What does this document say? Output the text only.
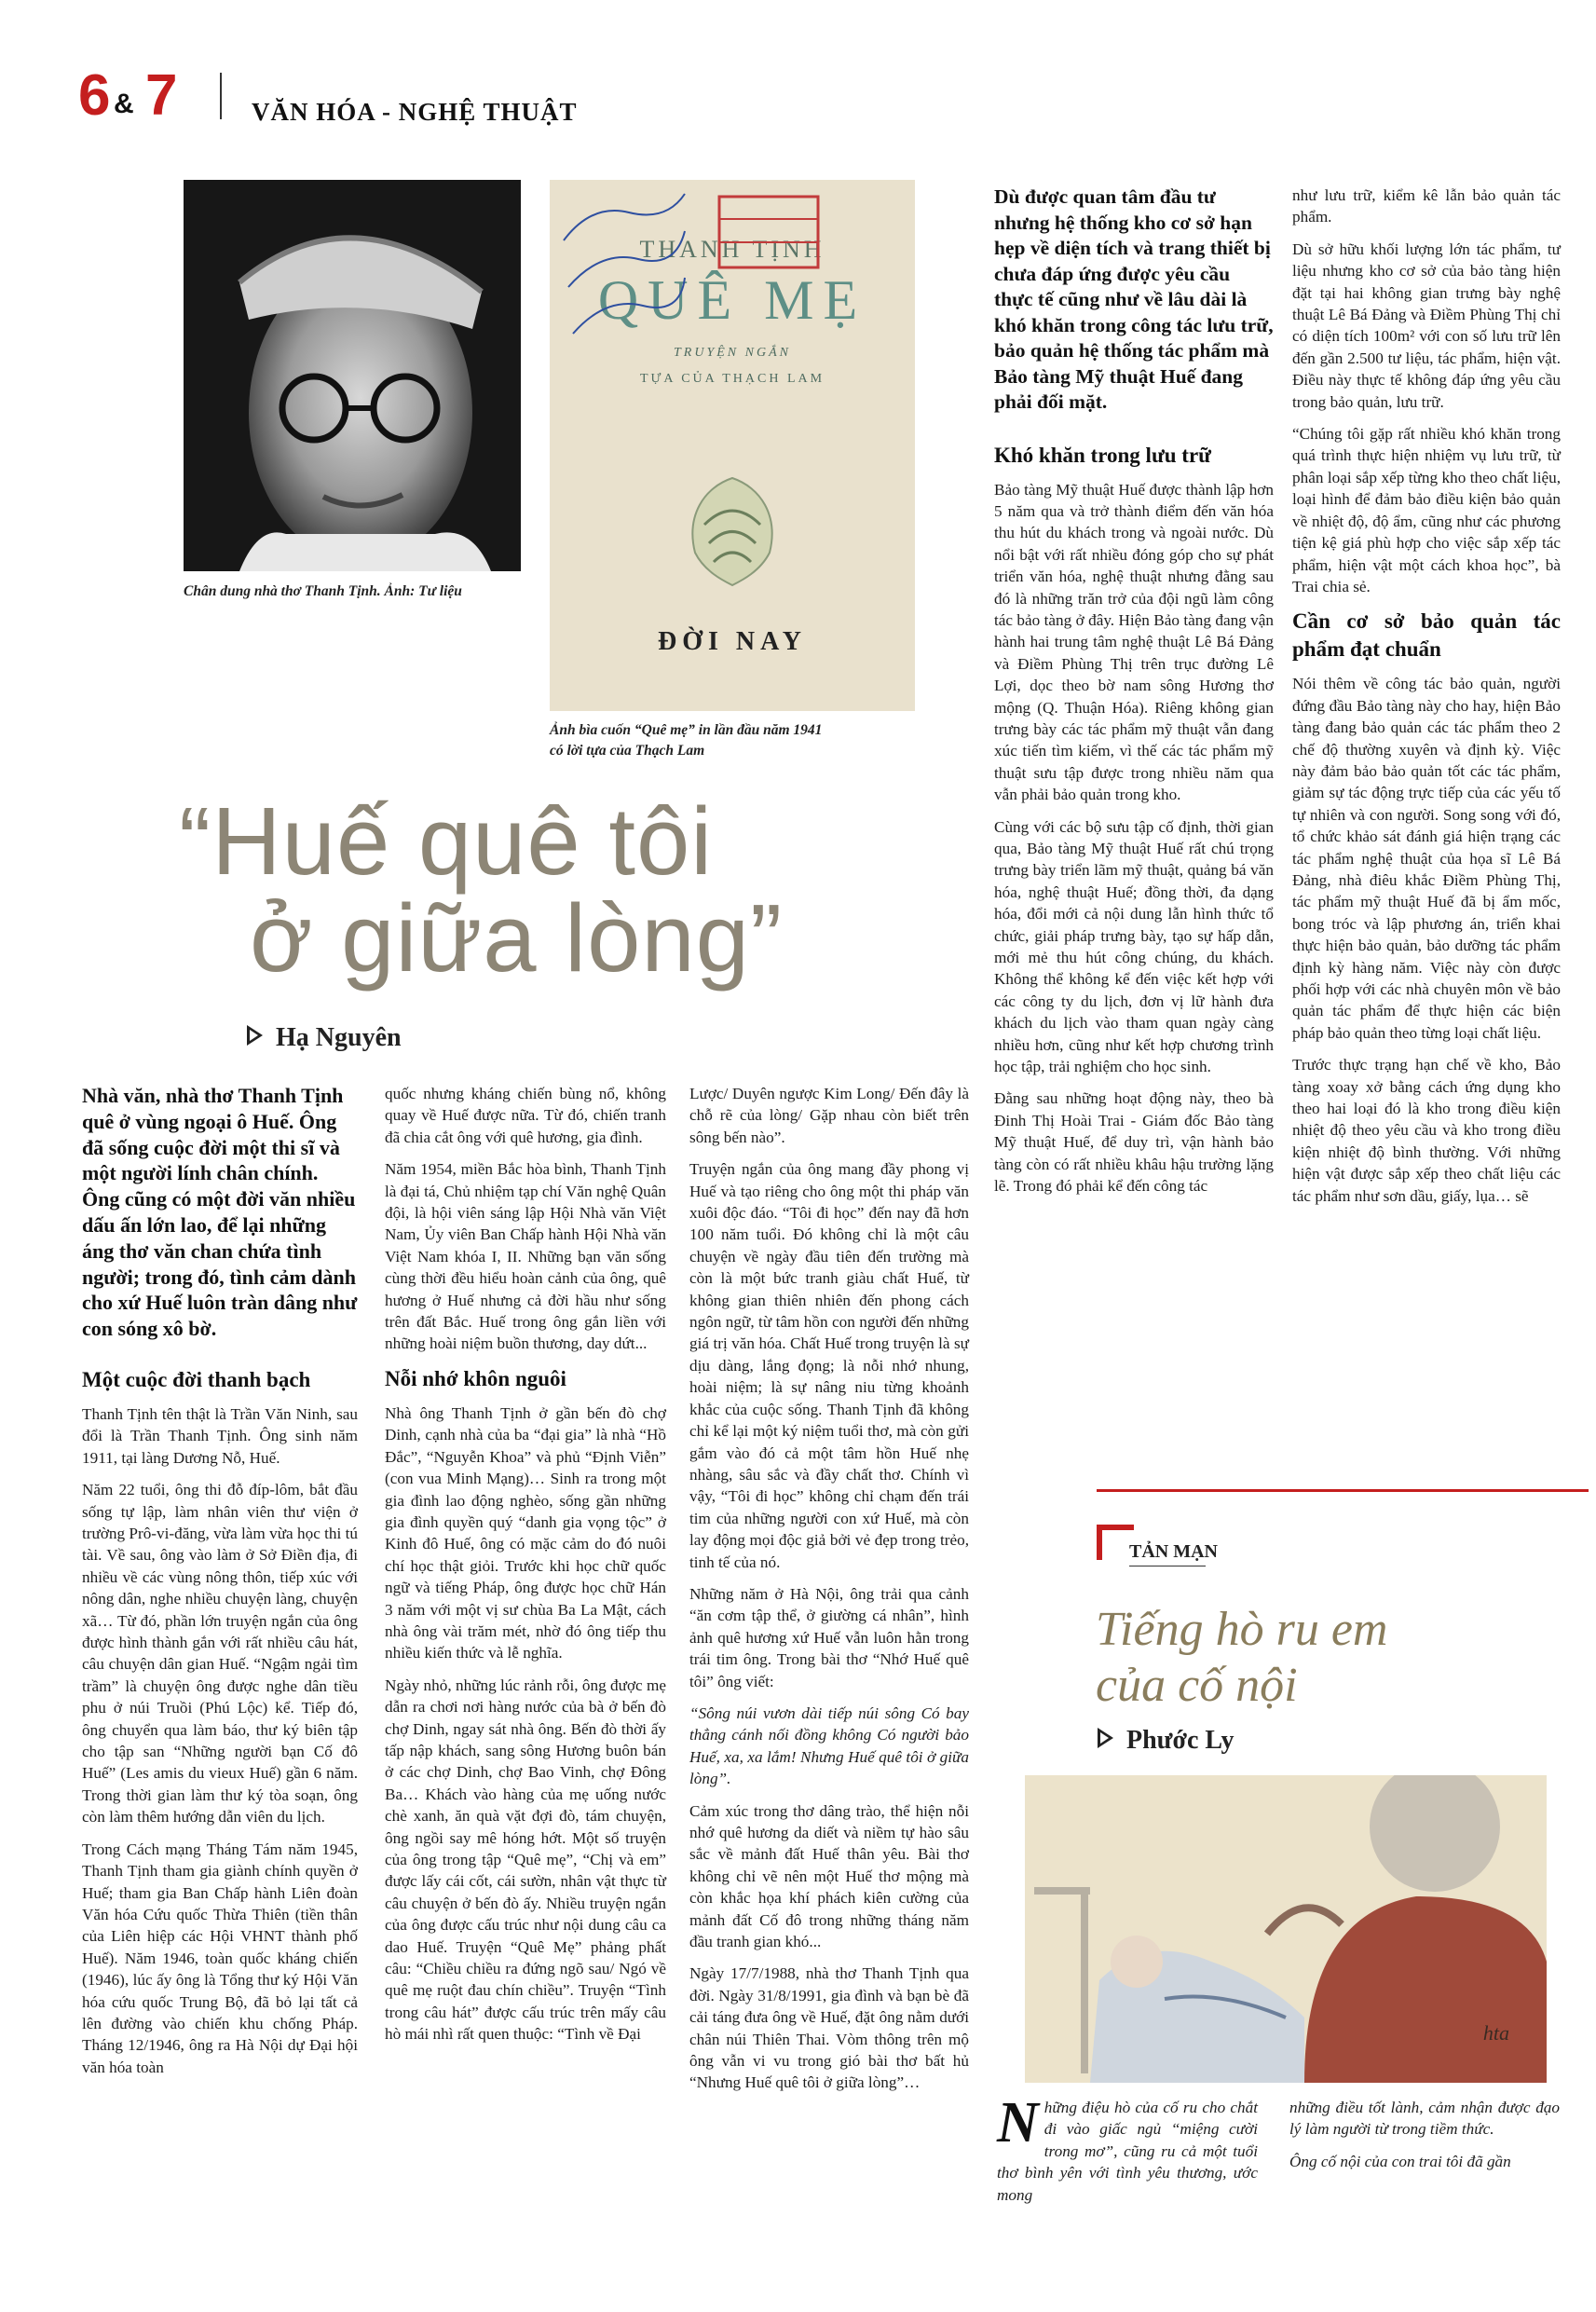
6 & 7	VĂN HÓA - NGHỆ THUẬT
Chân dung nhà thơ Thanh Tịnh. Ảnh: Tư liệu
THANH TỊNH
QUÊ MẸ
TRUYỆN NGẮN
TỰA CỦA THẠCH LAM
ĐỜI NAY
Ảnh bìa cuốn “Quê mẹ” in lần đầu năm 1941
có lời tựa của Thạch Lam
“Huế quê tôi
ở giữa lòng”
Hạ Nguyên
Nhà văn, nhà thơ Thanh Tịnh quê ở vùng ngoại ô Huế. Ông đã sống cuộc đời một thi sĩ và một người lính chân chính. Ông cũng có một đời văn nhiều dấu ấn lớn lao, để lại những áng thơ văn chan chứa tình người; trong đó, tình cảm dành cho xứ Huế luôn tràn dâng như con sóng xô bờ.
Một cuộc đời thanh bạch

Thanh Tịnh tên thật là Trần Văn Ninh, sau đổi là Trần Thanh Tịnh. Ông sinh năm 1911, tại làng Dương Nỗ, Huế.

Năm 22 tuổi, ông thi đỗ đíp-lôm, bắt đầu sống tự lập, làm nhân viên thư viện ở trường Prô-vi-đăng, vừa làm vừa học thi tú tài. Về sau, ông vào làm ở Sở Điền địa, đi nhiều về các vùng nông thôn, tiếp xúc với nông dân, nghe nhiều chuyện làng, chuyện xã… Từ đó, phần lớn truyện ngắn của ông được hình thành gắn với rất nhiều câu hát, câu chuyện dân gian Huế. “Ngậm ngải tìm trầm” là chuyện ông được nghe dân tiều phu ở núi Truồi (Phú Lộc) kể. Tiếp đó, ông chuyển qua làm báo, thư ký biên tập cho tập san “Những người bạn Cố đô Huế” (Les amis du vieux Huế) gần 6 năm. Trong thời gian làm thư ký tòa soạn, ông còn làm thêm hướng dẫn viên du lịch.

Trong Cách mạng Tháng Tám năm 1945, Thanh Tịnh tham gia giành chính quyền ở Huế; tham gia Ban Chấp hành Liên đoàn Văn hóa Cứu quốc Thừa Thiên (tiền thân của Liên hiệp các Hội VHNT thành phố Huế). Năm 1946, toàn quốc kháng chiến (1946), lúc ấy ông là Tổng thư ký Hội Văn hóa cứu quốc Trung Bộ, đã bỏ lại tất cả lên đường vào chiến khu chống Pháp. Tháng 12/1946, ông ra Hà Nội dự Đại hội văn hóa toàn

quốc nhưng kháng chiến bùng nổ, không quay về Huế được nữa. Từ đó, chiến tranh đã chia cắt ông với quê hương, gia đình.

Năm 1954, miền Bắc hòa bình, Thanh Tịnh là đại tá, Chủ nhiệm tạp chí Văn nghệ Quân đội, là hội viên sáng lập Hội Nhà văn Việt Nam, Ủy viên Ban Chấp hành Hội Nhà văn Việt Nam khóa I, II. Những bạn văn sống cùng thời đều hiểu hoàn cảnh của ông, quê hương ở Huế nhưng cả đời hầu như sống trên đất Bắc. Huế trong ông gắn liền với những hoài niệm buồn thương, day dứt...

Nỗi nhớ khôn nguôi

Nhà ông Thanh Tịnh ở gần bến đò chợ Dinh, cạnh nhà của ba “đại gia” là nhà “Hồ Đắc”, “Nguyễn Khoa” và phủ “Định Viễn” (con vua Minh Mạng)… Sinh ra trong một gia đình lao động nghèo, sống gần những gia đình quyền quý “danh gia vọng tộc” ở Kinh đô Huế, ông có mặc cảm do đó nuôi chí học thật giỏi. Trước khi học chữ quốc ngữ và tiếng Pháp, ông được học chữ Hán 3 năm với một vị sư chùa Ba La Mật, cách nhà ông vài trăm mét, nhờ đó ông tiếp thu nhiều kiến thức và lễ nghĩa.

Ngày nhỏ, những lúc rảnh rỗi, ông được mẹ dẫn ra chơi nơi hàng nước của bà ở bến đò chợ Dinh, ngay sát nhà ông. Bến đò thời ấy tấp nập khách, sang sông Hương buôn bán ở các chợ Dinh, chợ Bao Vinh, chợ Đông Ba… Khách vào hàng của mẹ uống nước chè xanh, ăn quà vặt đợi đò, tám chuyện, ông ngồi say mê hóng hớt. Một số truyện của ông trong tập “Quê mẹ”, “Chị và em” được lấy cái cốt, cái sườn, nhân vật thực từ câu chuyện ở bến đò ấy. Nhiều truyện ngắn của ông được cấu trúc như nội dung câu ca dao Huế. Truyện “Quê Mẹ” phảng phất câu: “Chiều chiều ra đứng ngõ sau/ Ngó về quê mẹ ruột đau chín chiều”. Truyện “Tình trong câu hát” được cấu trúc trên mấy câu hò mái nhì rất quen thuộc: “Tình về Đại

Lược/ Duyên ngược Kim Long/ Đến đây là chỗ rẽ của lòng/ Gặp nhau còn biết trên sông bến nào”.

Truyện ngắn của ông mang đầy phong vị Huế và tạo riêng cho ông một thi pháp văn xuôi độc đáo. “Tôi đi học” đến nay đã hơn 100 năm tuổi. Đó không chỉ là một câu chuyện về ngày đầu tiên đến trường mà còn là một bức tranh giàu chất Huế, từ không gian thiên nhiên đến phong cách ngôn ngữ, từ tâm hồn con người đến những giá trị văn hóa. Chất Huế trong truyện là sự dịu dàng, lắng đọng; là nỗi nhớ nhung, hoài niệm; là sự nâng niu từng khoảnh khắc của cuộc sống. Thanh Tịnh đã không chỉ kể lại một ký niệm tuổi thơ, mà còn gửi gắm vào đó cả một tâm hồn Huế nhẹ nhàng, sâu sắc và đầy chất thơ. Chính vì vậy, “Tôi đi học” không chỉ chạm đến trái tim của những người con xứ Huế, mà còn lay động mọi độc giả bởi vẻ đẹp trong trẻo, tinh tế của nó.

Những năm ở Hà Nội, ông trải qua cảnh “ăn cơm tập thể, ở giường cá nhân”, hình ảnh quê hương xứ Huế vẫn luôn hằn trong trái tim ông. Trong bài thơ “Nhớ Huế quê tôi” ông viết:

“Sông núi vươn dài tiếp núi sông Có bay thẳng cánh nối đồng không Có người bảo Huế, xa, xa lắm! Nhưng Huế quê tôi ở giữa lòng”.

Cảm xúc trong thơ dâng trào, thể hiện nỗi nhớ quê hương da diết và niềm tự hào sâu sắc về mảnh đất Huế thân yêu. Bài thơ không chỉ vẽ nên một Huế thơ mộng mà còn khắc họa khí phách kiên cường của mảnh đất Cố đô trong những tháng năm đầu tranh gian khó...

Ngày 17/7/1988, nhà thơ Thanh Tịnh qua đời. Ngày 31/8/1991, gia đình và bạn bè đã cải táng đưa ông về Huế, đặt ông nằm dưới chân núi Thiên Thai. Vòm thông trên mộ ông vẫn vi vu trong gió bài thơ bất hủ “Nhưng Huế quê tôi ở giữa lòng”…

Dù được quan tâm đầu tư nhưng hệ thống kho cơ sở hạn hẹp về diện tích và trang thiết bị chưa đáp ứng được yêu cầu thực tế cũng như về lâu dài là khó khăn trong công tác lưu trữ, bảo quản hệ thống tác phẩm mà Bảo tàng Mỹ thuật Huế đang phải đối mặt.
Khó khăn trong lưu trữ

Bảo tàng Mỹ thuật Huế được thành lập hơn 5 năm qua và trở thành điểm đến văn hóa thu hút du khách trong và ngoài nước. Dù nổi bật với rất nhiều đóng góp cho sự phát triển văn hóa, nghệ thuật nhưng đằng sau đó là những trăn trở của đội ngũ làm công tác bảo tàng ở đây. Hiện Bảo tàng đang vận hành hai trung tâm nghệ thuật Lê Bá Đảng và Điềm Phùng Thị trên trục đường Lê Lợi, dọc theo bờ nam sông Hương thơ mộng (Q. Thuận Hóa). Riêng không gian trưng bày các tác phẩm mỹ thuật vẫn đang xúc tiến tìm kiếm, vì thế các tác phẩm mỹ thuật sưu tập được trong nhiều năm qua vẫn phải bảo quản trong kho.

Cùng với các bộ sưu tập cố định, thời gian qua, Bảo tàng Mỹ thuật Huế rất chú trọng trưng bày triển lãm mỹ thuật, quảng bá văn hóa, nghệ thuật Huế; đồng thời, đa dạng hóa, đổi mới cả nội dung lẫn hình thức tổ chức, giải pháp trưng bày, tạo sự hấp dẫn, mới mẻ thu hút công chúng, du khách. Không thể không kể đến việc kết hợp với các công ty du lịch, đơn vị lữ hành đưa khách du lịch vào tham quan ngày càng nhiều hơn, cũng như kết hợp chương trình học tập, trải nghiệm cho học sinh.

Đằng sau những hoạt động này, theo bà Đinh Thị Hoài Trai - Giám đốc Bảo tàng Mỹ thuật Huế, để duy trì, vận hành bảo tàng còn có rất nhiều khâu hậu trường lặng lẽ. Trong đó phải kể đến công tác

như lưu trữ, kiểm kê lẫn bảo quản tác phẩm.

Dù sở hữu khối lượng lớn tác phẩm, tư liệu nhưng kho cơ sở của bảo tàng hiện đặt tại hai không gian trưng bày nghệ thuật Lê Bá Đảng và Điềm Phùng Thị chỉ có diện tích 100m² với con số lưu trữ lên đến gần 2.500 tư liệu, tác phẩm, hiện vật. Điều này thực tế không đáp ứng yêu cầu trong bảo quản, lưu trữ.

“Chúng tôi gặp rất nhiều khó khăn trong quá trình thực hiện nhiệm vụ lưu trữ, từ phân loại sắp xếp từng kho theo chất liệu, loại hình để đảm bảo điều kiện bảo quản về nhiệt độ, độ ẩm, cũng như các phương tiện kệ giá phù hợp cho việc sắp xếp tác phẩm, hiện vật một cách khoa học”, bà Trai chia sẻ.

Cần cơ sở bảo quản tác phẩm đạt chuẩn

Nói thêm về công tác bảo quản, người đứng đầu Bảo tàng này cho hay, hiện Bảo tàng đang bảo quản các tác phẩm theo 2 chế độ thường xuyên và định kỳ. Việc này đảm bảo bảo quản tốt các tác phẩm, giảm sự tác động trực tiếp của các yếu tố tự nhiên và con người. Song song với đó, tổ chức khảo sát đánh giá hiện trạng các tác phẩm nghệ thuật của họa sĩ Lê Bá Đảng, nhà điêu khắc Điềm Phùng Thị, tác phẩm mỹ thuật Huế đã bị ẩm mốc, bong tróc và lập phương án, triển khai thực hiện bảo quản, bảo dưỡng tác phẩm định kỳ hàng năm. Việc này còn được phối hợp với các nhà chuyên môn về bảo quản tác phẩm để thực hiện các biện pháp bảo quản theo từng loại chất liệu.

Trước thực trạng hạn chế về kho, Bảo tàng xoay xở bằng cách ứng dụng kho theo hai loại đó là kho trong điều kiện nhiệt độ theo yêu cầu và kho trong điều kiện nhiệt độ bình thường. Với những hiện vật được sắp xếp theo chất liệu các tác phẩm như sơn dầu, giấy, lụa… sẽ

TẢN MẠN
Tiếng hò ru em
của cố nội
Phước Ly
hta
Những điệu hò của cố ru cho chắt đi vào giấc ngủ “miệng cười trong mơ”, cũng ru cả một tuổi thơ bình yên với tình yêu thương, ước mong

những điều tốt lành, cảm nhận được đạo lý làm người từ trong tiềm thức.

Ông cố nội của con trai tôi đã gần
